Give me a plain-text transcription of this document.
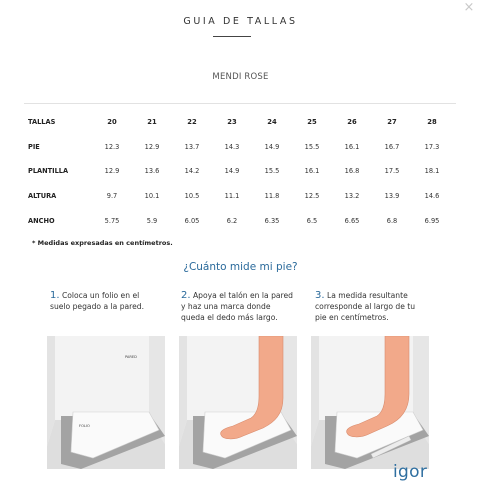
×
GUIA DE TALLAS
MENDI ROSE
TALLAS	20	21	22	23	24	25	26	27	28
PIE	12.3	12.9	13.7	14.3	14.9	15.5	16.1	16.7	17.3
PLANTILLA	12.9	13.6	14.2	14.9	15.5	16.1	16.8	17.5	18.1
ALTURA	9.7	10.1	10.5	11.1	11.8	12.5	13.2	13.9	14.6
ANCHO	5.75	5.9	6.05	6.2	6.35	6.5	6.65	6.8	6.95
* Medidas expresadas en centímetros.
¿Cuánto mide mi pie?
1. Coloca un folio en el
suelo pegado a la pared.
2. Apoya el talón en la pared
y haz una marca donde
queda el dedo más largo.
3. La medida resultante
corresponde al largo de tu
pie en centímetros.
PARED
FOLIO
igor
